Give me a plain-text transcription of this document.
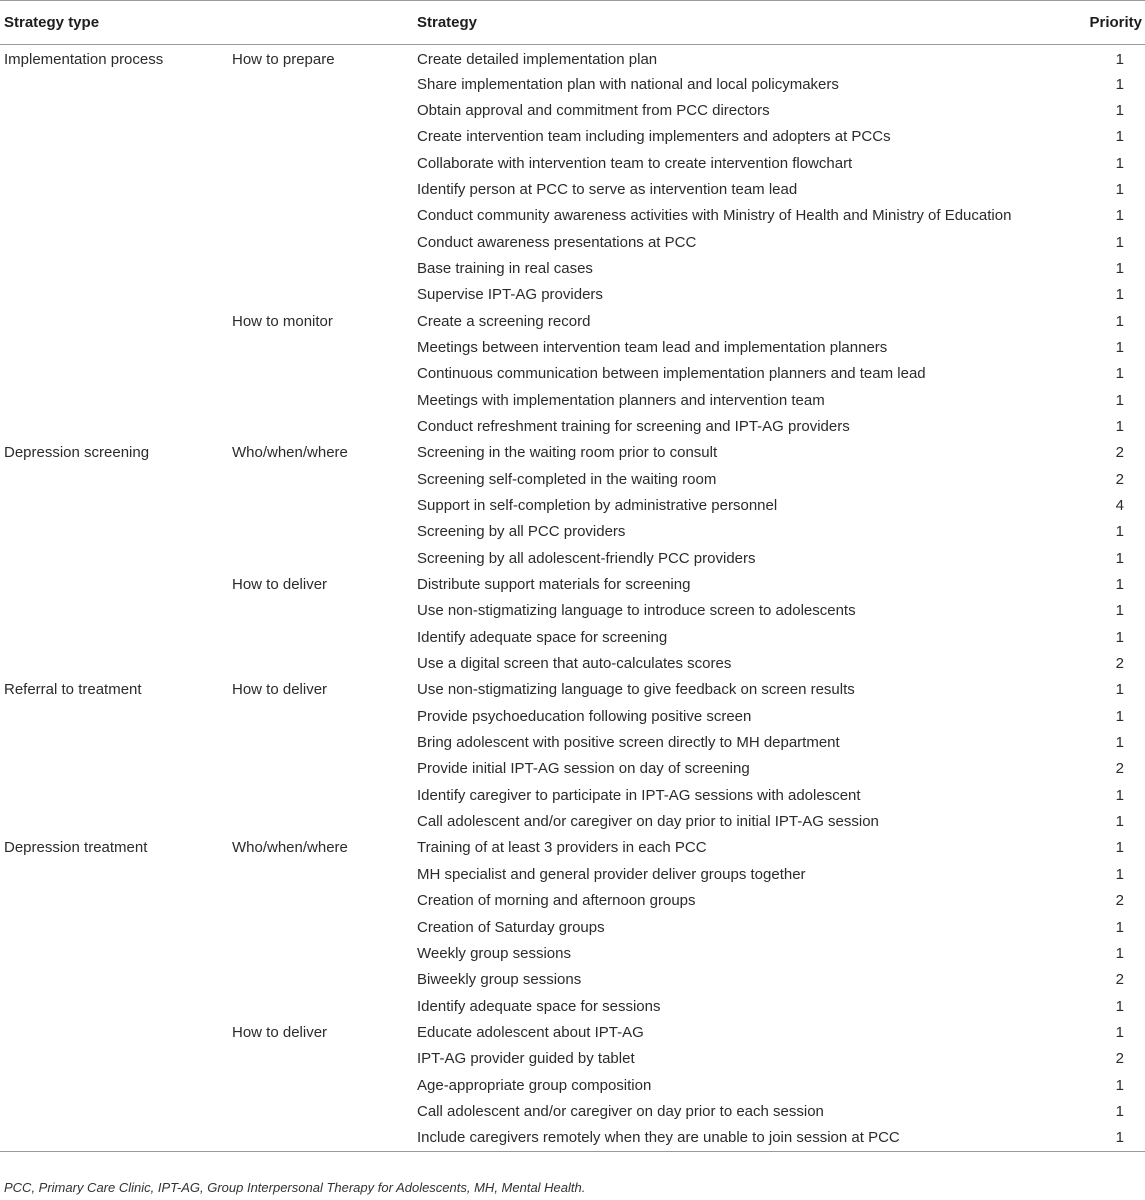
Strategy type		Strategy	Priority
Implementation process	How to prepare	Create detailed implementation plan	1
		Share implementation plan with national and local policymakers	1
		Obtain approval and commitment from PCC directors	1
		Create intervention team including implementers and adopters at PCCs	1
		Collaborate with intervention team to create intervention flowchart	1
		Identify person at PCC to serve as intervention team lead	1
		Conduct community awareness activities with Ministry of Health and Ministry of Education	1
		Conduct awareness presentations at PCC	1
		Base training in real cases	1
		Supervise IPT-AG providers	1
	How to monitor	Create a screening record	1
		Meetings between intervention team lead and implementation planners	1
		Continuous communication between implementation planners and team lead	1
		Meetings with implementation planners and intervention team	1
		Conduct refreshment training for screening and IPT-AG providers	1
Depression screening	Who/when/where	Screening in the waiting room prior to consult	2
		Screening self-completed in the waiting room	2
		Support in self-completion by administrative personnel	4
		Screening by all PCC providers	1
		Screening by all adolescent-friendly PCC providers	1
	How to deliver	Distribute support materials for screening	1
		Use non-stigmatizing language to introduce screen to adolescents	1
		Identify adequate space for screening	1
		Use a digital screen that auto-calculates scores	2
Referral to treatment	How to deliver	Use non-stigmatizing language to give feedback on screen results	1
		Provide psychoeducation following positive screen	1
		Bring adolescent with positive screen directly to MH department	1
		Provide initial IPT-AG session on day of screening	2
		Identify caregiver to participate in IPT-AG sessions with adolescent	1
		Call adolescent and/or caregiver on day prior to initial IPT-AG session	1
Depression treatment	Who/when/where	Training of at least 3 providers in each PCC	1
		MH specialist and general provider deliver groups together	1
		Creation of morning and afternoon groups	2
		Creation of Saturday groups	1
		Weekly group sessions	1
		Biweekly group sessions	2
		Identify adequate space for sessions	1
	How to deliver	Educate adolescent about IPT-AG	1
		IPT-AG provider guided by tablet	2
		Age-appropriate group composition	1
		Call adolescent and/or caregiver on day prior to each session	1
		Include caregivers remotely when they are unable to join session at PCC	1
PCC, Primary Care Clinic, IPT-AG, Group Interpersonal Therapy for Adolescents, MH, Mental Health.
